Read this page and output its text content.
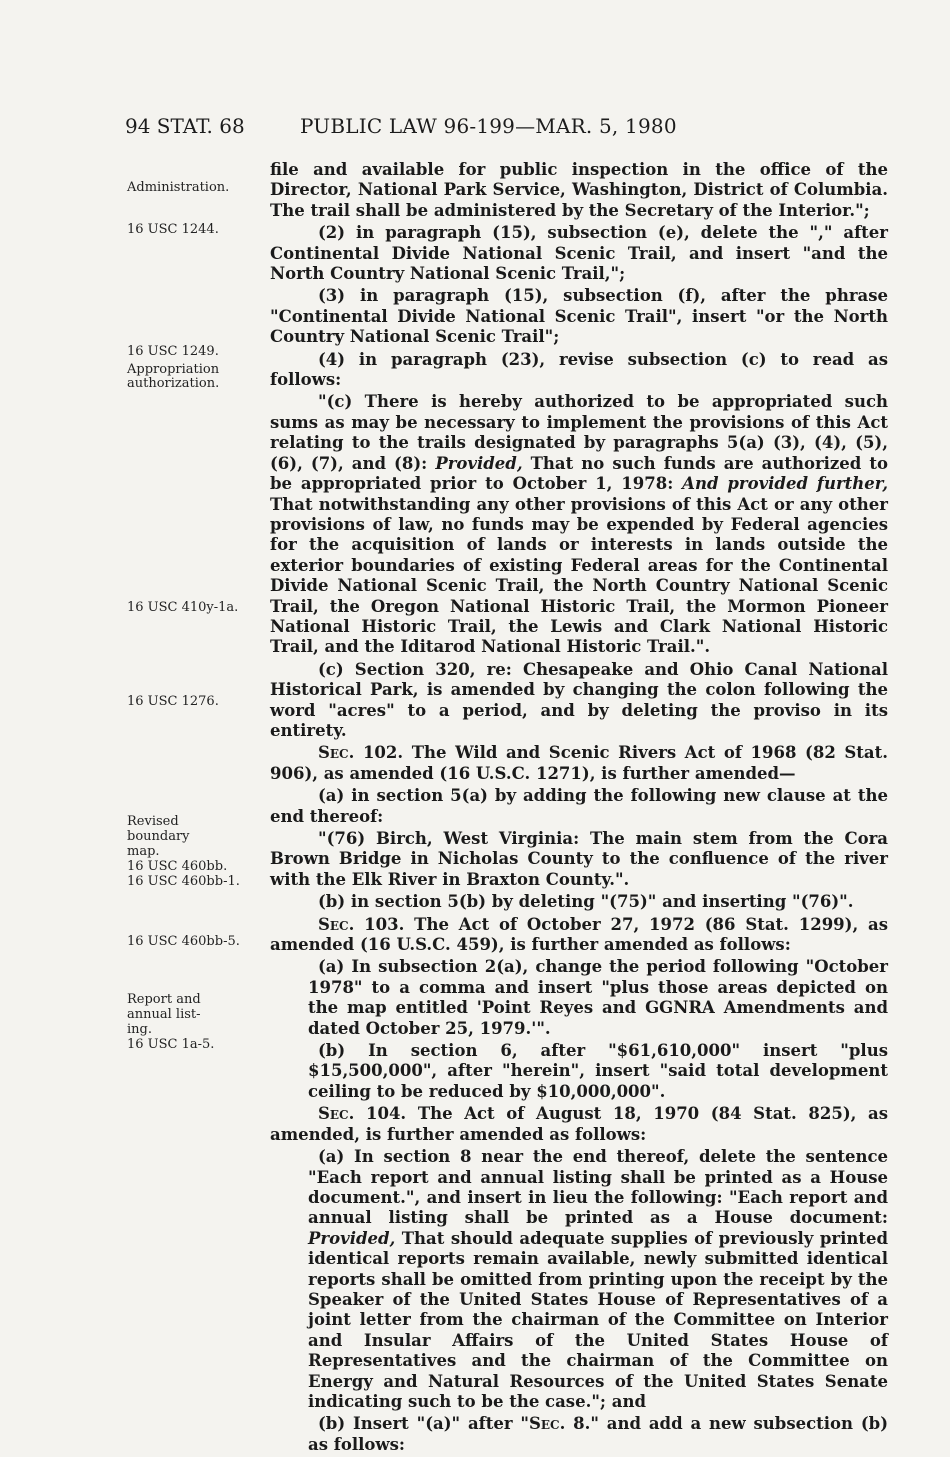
94 STAT. 68	PUBLIC LAW 96-199—MAR. 5, 1980
Administration.
16 USC 1244.
16 USC 1249.
Appropriation
authorization.
16 USC 410y-1a.
16 USC 1276.
Revised
boundary
map.
16 USC 460bb.
16 USC 460bb-1.
16 USC 460bb-5.
Report and
annual list-
ing.
16 USC 1a-5.

file and available for public inspection in the office of the Director, National Park Service, Washington, District of Columbia. The trail shall be administered by the Secretary of the Interior.";

(2) in paragraph (15), subsection (e), delete the "," after Continental Divide National Scenic Trail, and insert "and the North Country National Scenic Trail,";

(3) in paragraph (15), subsection (f), after the phrase "Continental Divide National Scenic Trail", insert "or the North Country National Scenic Trail";

(4) in paragraph (23), revise subsection (c) to read as follows:

"(c) There is hereby authorized to be appropriated such sums as may be necessary to implement the provisions of this Act relating to the trails designated by paragraphs 5(a) (3), (4), (5), (6), (7), and (8): Provided, That no such funds are authorized to be appropriated prior to October 1, 1978: And provided further, That notwithstanding any other provisions of this Act or any other provisions of law, no funds may be expended by Federal agencies for the acquisition of lands or interests in lands outside the exterior boundaries of existing Federal areas for the Continental Divide National Scenic Trail, the North Country National Scenic Trail, the Oregon National Historic Trail, the Mormon Pioneer National Historic Trail, the Lewis and Clark National Historic Trail, and the Iditarod National Historic Trail.".

(c) Section 320, re: Chesapeake and Ohio Canal National Historical Park, is amended by changing the colon following the word "acres" to a period, and by deleting the proviso in its entirety.

Sec. 102. The Wild and Scenic Rivers Act of 1968 (82 Stat. 906), as amended (16 U.S.C. 1271), is further amended—

(a) in section 5(a) by adding the following new clause at the end thereof:

"(76) Birch, West Virginia: The main stem from the Cora Brown Bridge in Nicholas County to the confluence of the river with the Elk River in Braxton County.".

(b) in section 5(b) by deleting "(75)" and inserting "(76)".

Sec. 103. The Act of October 27, 1972 (86 Stat. 1299), as amended (16 U.S.C. 459), is further amended as follows:

(a) In subsection 2(a), change the period following "October 1978" to a comma and insert "plus those areas depicted on the map entitled 'Point Reyes and GGNRA Amendments and dated October 25, 1979.'".

(b) In section 6, after "$61,610,000" insert "plus $15,500,000", after "herein", insert "said total development ceiling to be reduced by $10,000,000".

Sec. 104. The Act of August 18, 1970 (84 Stat. 825), as amended, is further amended as follows:

(a) In section 8 near the end thereof, delete the sentence "Each report and annual listing shall be printed as a House document.", and insert in lieu the following: "Each report and annual listing shall be printed as a House document: Provided, That should adequate supplies of previously printed identical reports remain available, newly submitted identical reports shall be omitted from printing upon the receipt by the Speaker of the United States House of Representatives of a joint letter from the chairman of the Committee on Interior and Insular Affairs of the United States House of Representatives and the chairman of the Committee on Energy and Natural Resources of the United States Senate indicating such to be the case."; and

(b) Insert "(a)" after "Sec. 8." and add a new subsection (b) as follows:
